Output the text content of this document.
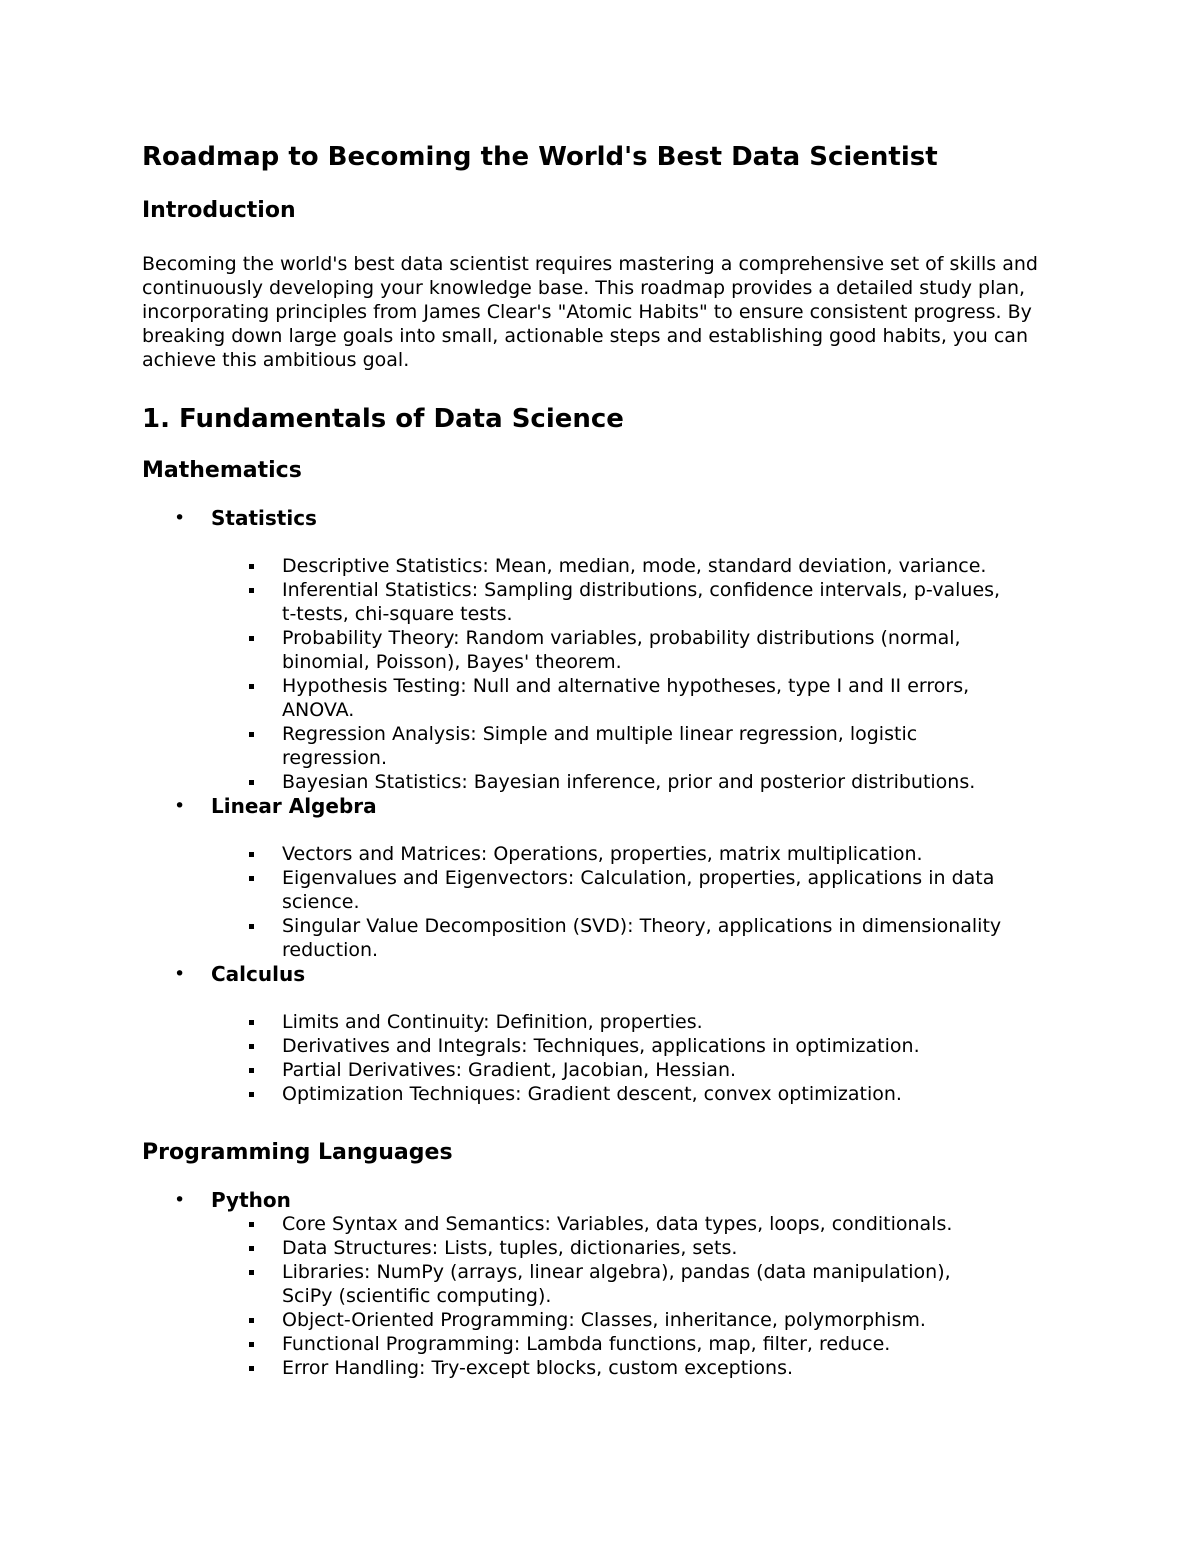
Roadmap to Becoming the World's Best Data Scientist
Introduction

Becoming the world's best data scientist requires mastering a comprehensive set of skills and continuously developing your knowledge base. This roadmap provides a detailed study plan, incorporating principles from James Clear's "Atomic Habits" to ensure consistent progress. By breaking down large goals into small, actionable steps and establishing good habits, you can achieve this ambitious goal.

1. Fundamentals of Data Science
Mathematics
• Statistics
Descriptive Statistics: Mean, median, mode, standard deviation, variance.
Inferential Statistics: Sampling distributions, confidence intervals, p-values, t-tests, chi-square tests.
Probability Theory: Random variables, probability distributions (normal, binomial, Poisson), Bayes' theorem.
Hypothesis Testing: Null and alternative hypotheses, type I and II errors, ANOVA.
Regression Analysis: Simple and multiple linear regression, logistic regression.
Bayesian Statistics: Bayesian inference, prior and posterior distributions.
• Linear Algebra
Vectors and Matrices: Operations, properties, matrix multiplication.
Eigenvalues and Eigenvectors: Calculation, properties, applications in data science.
Singular Value Decomposition (SVD): Theory, applications in dimensionality reduction.
• Calculus
Limits and Continuity: Definition, properties.
Derivatives and Integrals: Techniques, applications in optimization.
Partial Derivatives: Gradient, Jacobian, Hessian.
Optimization Techniques: Gradient descent, convex optimization.
Programming Languages
• Python
Core Syntax and Semantics: Variables, data types, loops, conditionals.
Data Structures: Lists, tuples, dictionaries, sets.
Libraries: NumPy (arrays, linear algebra), pandas (data manipulation), SciPy (scientific computing).
Object-Oriented Programming: Classes, inheritance, polymorphism.
Functional Programming: Lambda functions, map, filter, reduce.
Error Handling: Try-except blocks, custom exceptions.
